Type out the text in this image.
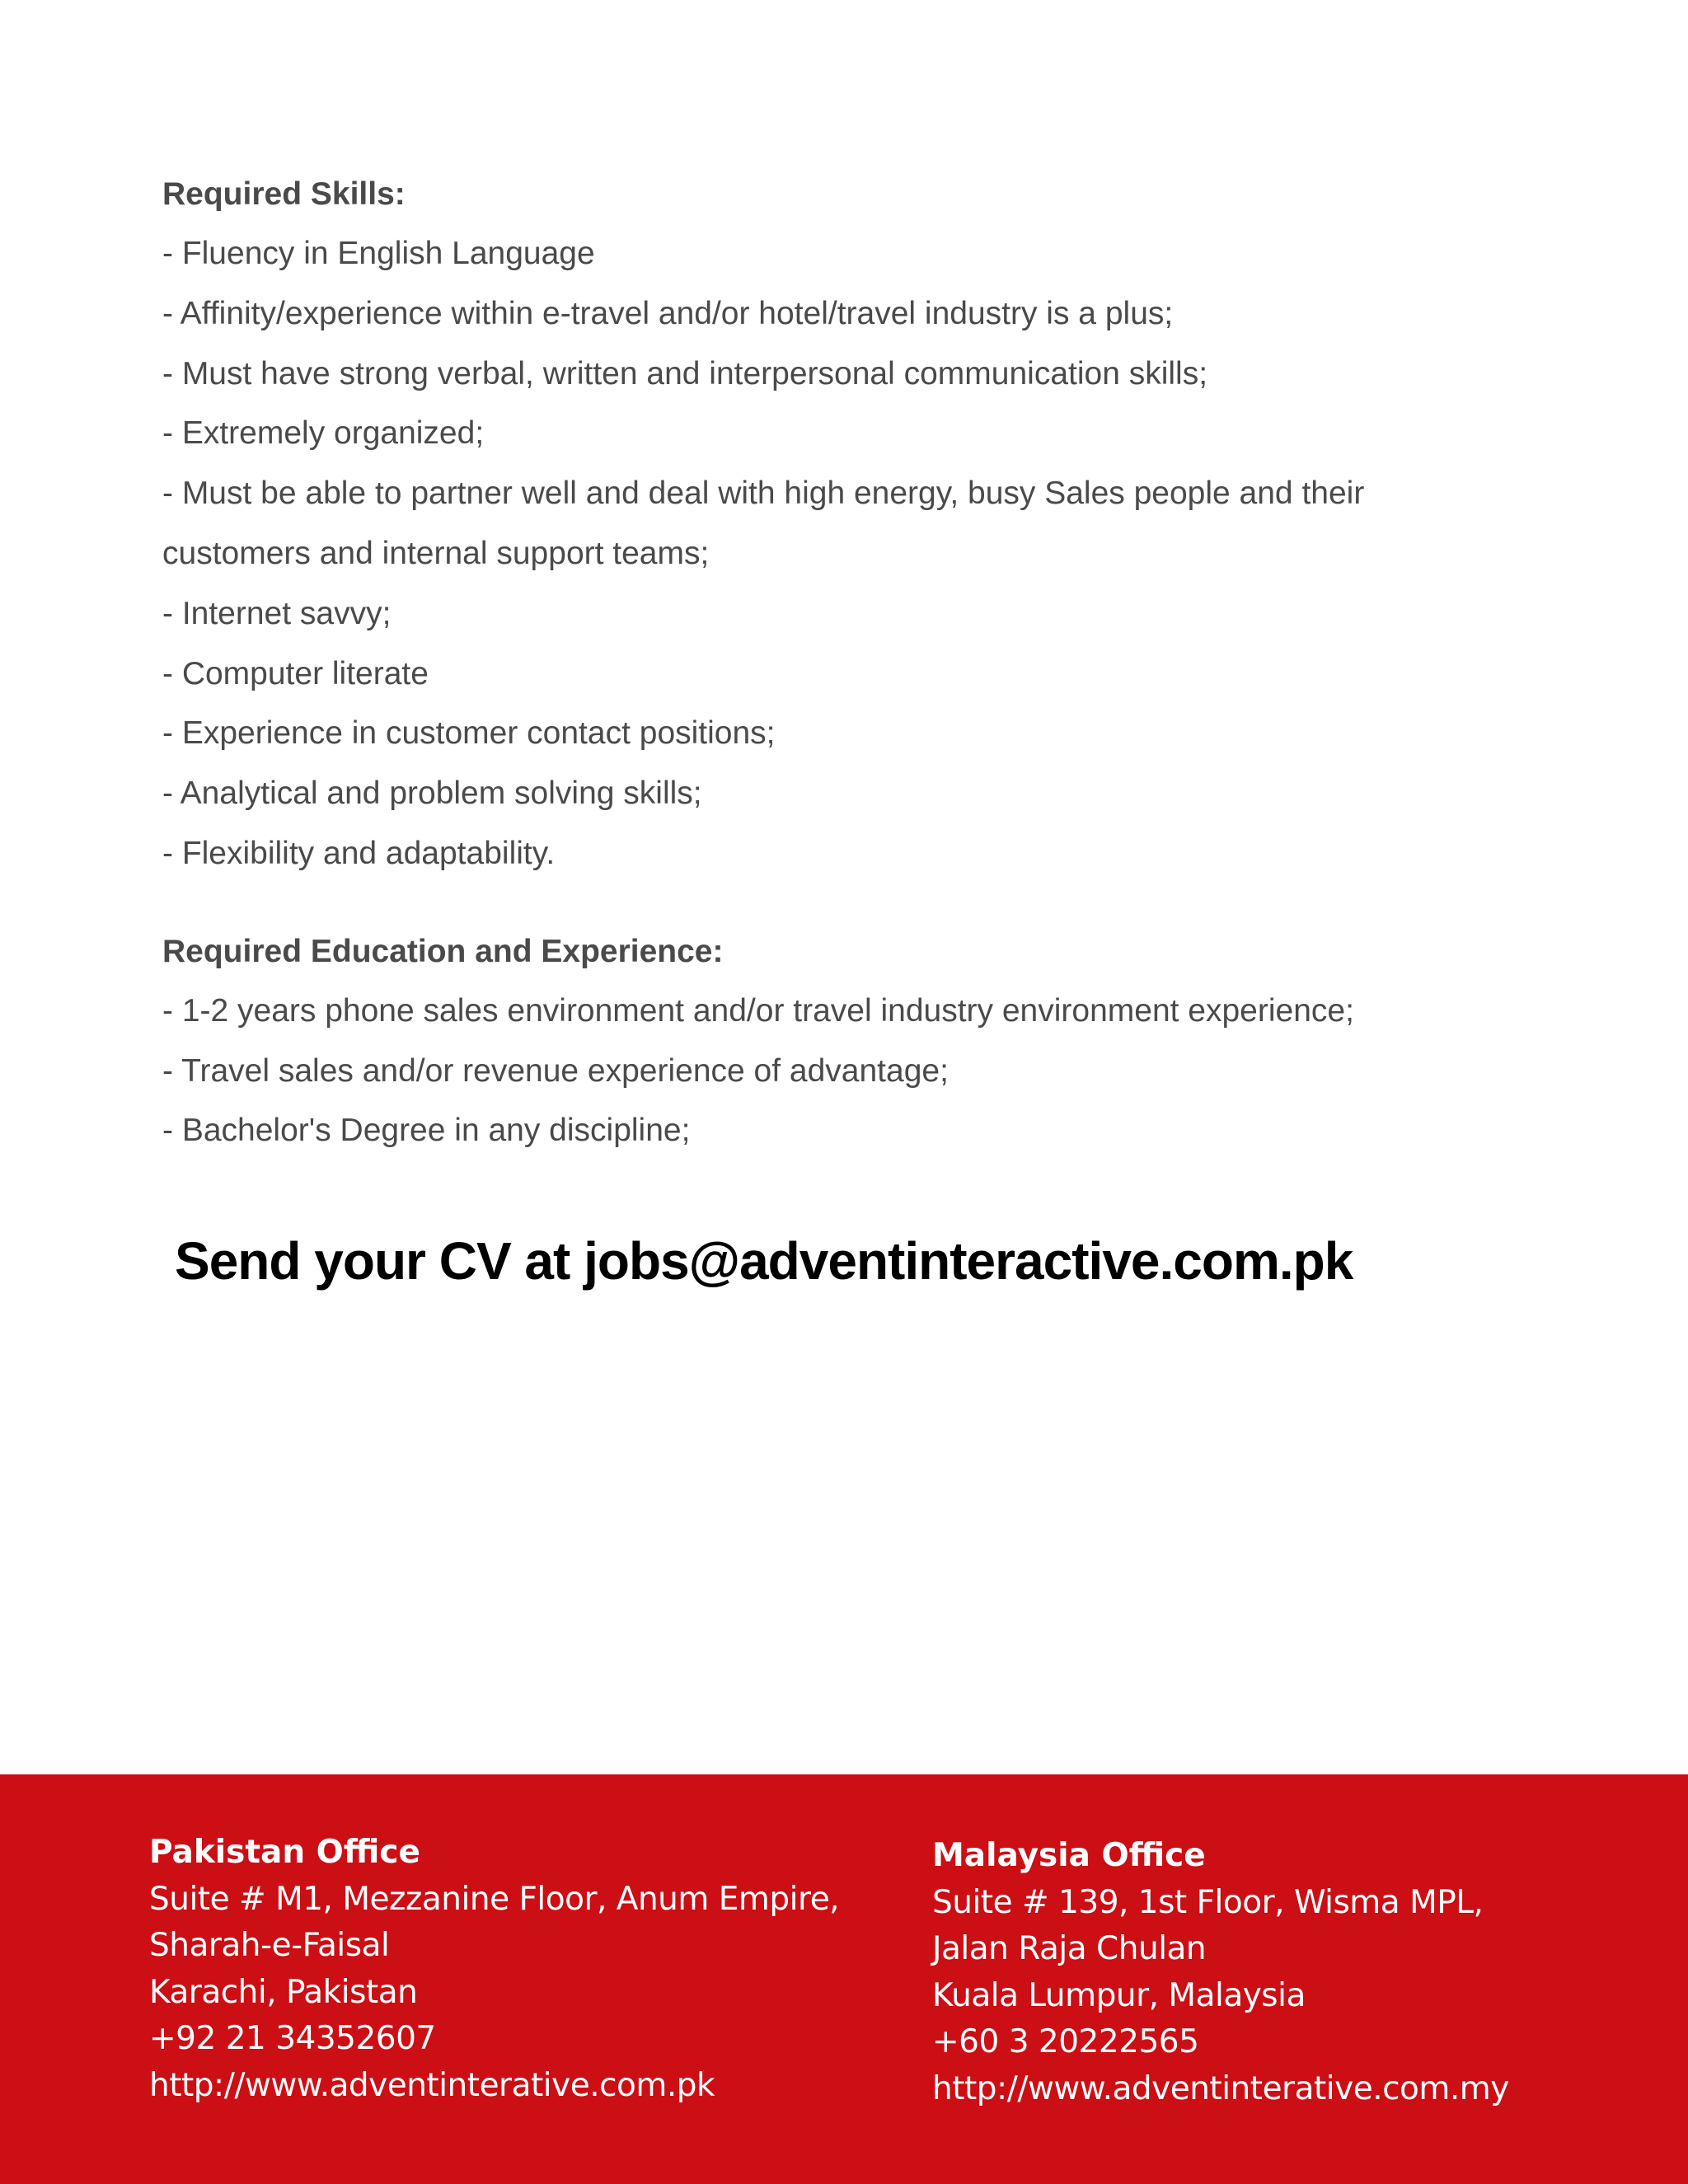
Required Skills:
- Fluency in English Language
- Affinity/experience within e-travel and/or hotel/travel industry is a plus;
- Must have strong verbal, written and interpersonal communication skills;
- Extremely organized;
- Must be able to partner well and deal with high energy, busy Sales people and their
customers and internal support teams;
- Internet savvy;
- Computer literate
- Experience in customer contact positions;
- Analytical and problem solving skills;
- Flexibility and adaptability.
Required Education and Experience:
- 1-2 years phone sales environment and/or travel industry environment experience;
- Travel sales and/or revenue experience of advantage;
- Bachelor's Degree in any discipline;
Send your CV at jobs@adventinteractive.com.pk
Pakistan Office
Suite # M1, Mezzanine Floor, Anum Empire,
Sharah-e-Faisal
Karachi, Pakistan
+92 21 34352607
http://www.adventinterative.com.pk
Malaysia Office
Suite # 139, 1st Floor, Wisma MPL,
Jalan Raja Chulan
Kuala Lumpur, Malaysia
+60 3 20222565
http://www.adventinterative.com.my
